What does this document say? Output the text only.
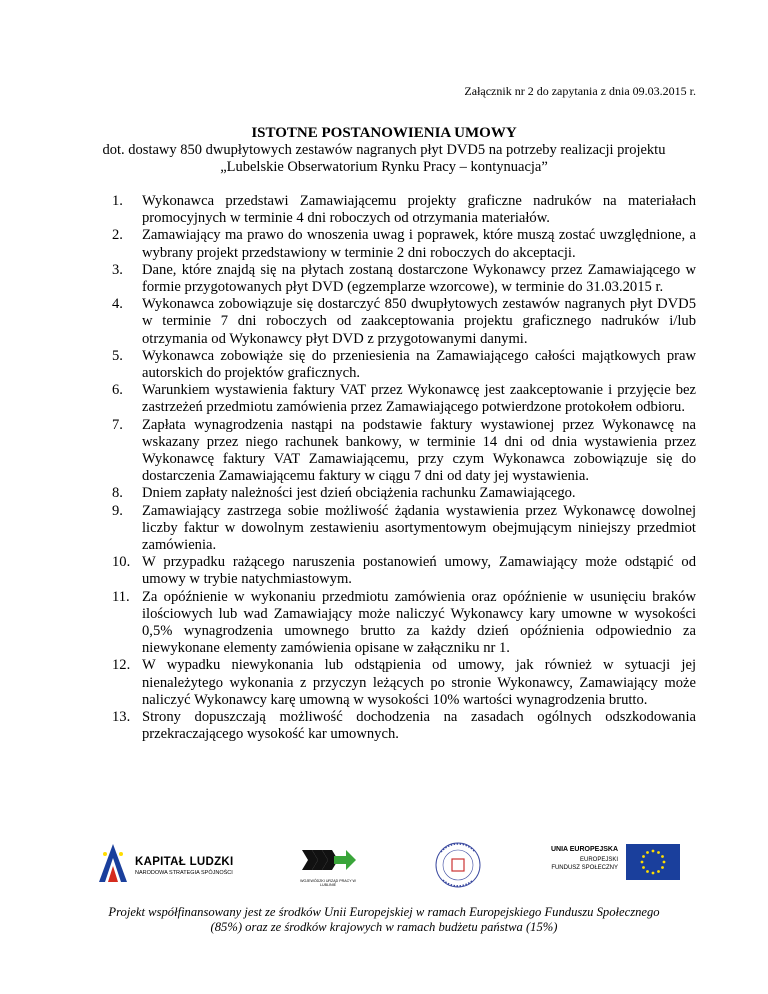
Załącznik nr 2 do zapytania z dnia 09.03.2015 r.
ISTOTNE POSTANOWIENIA UMOWY
dot. dostawy 850 dwupłytowych zestawów nagranych płyt DVD5 na potrzeby realizacji projektu
„Lubelskie Obserwatorium Rynku Pracy – kontynuacja”
1. Wykonawca przedstawi Zamawiającemu projekty graficzne nadruków na materiałach promocyjnych w terminie 4 dni roboczych od otrzymania materiałów.
2. Zamawiający ma prawo do wnoszenia uwag i poprawek, które muszą zostać uwzględnione, a wybrany projekt przedstawiony w terminie 2 dni roboczych do akceptacji.
3. Dane, które znajdą się na płytach zostaną dostarczone Wykonawcy przez Zamawiającego w formie przygotowanych płyt DVD (egzemplarze wzorcowe), w terminie do 31.03.2015 r.
4. Wykonawca zobowiązuje się dostarczyć 850 dwupłytowych zestawów nagranych płyt DVD5 w terminie 7 dni roboczych od zaakceptowania projektu graficznego nadruków i/lub otrzymania od Wykonawcy płyt DVD z przygotowanymi danymi.
5. Wykonawca zobowiąże się do przeniesienia na Zamawiającego całości majątkowych praw autorskich do projektów graficznych.
6. Warunkiem wystawienia faktury VAT przez Wykonawcę jest zaakceptowanie i przyjęcie bez zastrzeżeń przedmiotu zamówienia przez Zamawiającego potwierdzone protokołem odbioru.
7. Zapłata wynagrodzenia nastąpi na podstawie faktury wystawionej przez Wykonawcę na wskazany przez niego rachunek bankowy, w terminie 14 dni od dnia wystawienia przez Wykonawcę faktury VAT Zamawiającemu, przy czym Wykonawca zobowiązuje się do dostarczenia Zamawiającemu faktury w ciągu 7 dni od daty jej wystawienia.
8. Dniem zapłaty należności jest dzień obciążenia rachunku Zamawiającego.
9. Zamawiający zastrzega sobie możliwość żądania wystawienia przez Wykonawcę dowolnej liczby faktur w dowolnym zestawieniu asortymentowym obejmującym niniejszy przedmiot zamówienia.
10. W przypadku rażącego naruszenia postanowień umowy, Zamawiający może odstąpić od umowy w trybie natychmiastowym.
11. Za opóźnienie w wykonaniu przedmiotu zamówienia oraz opóźnienie w usunięciu braków ilościowych lub wad Zamawiający może naliczyć Wykonawcy kary umowne w wysokości 0,5% wynagrodzenia umownego brutto za każdy dzień opóźnienia odpowiednio za niewykonane elementy zamówienia opisane w załączniku nr 1.
12. W wypadku niewykonania lub odstąpienia od umowy, jak również w sytuacji jej nienależytego wykonania z przyczyn leżących po stronie Wykonawcy, Zamawiający może naliczyć Wykonawcy karę umowną w wysokości 10% wartości wynagrodzenia brutto.
13. Strony dopuszczają możliwość dochodzenia na zasadach ogólnych odszkodowania przekraczającego wysokość kar umownych.
KAPITAŁ LUDZKI
NARODOWA STRATEGIA SPÓJNOŚCI
WOJEWÓDZKI URZĄD PRACY W LUBLINIE
UNIA EUROPEJSKA
EUROPEJSKI
FUNDUSZ SPOŁECZNY
Projekt współfinansowany jest ze środków Unii Europejskiej w ramach Europejskiego Funduszu Społecznego
(85%) oraz ze środków krajowych w ramach budżetu państwa (15%)
